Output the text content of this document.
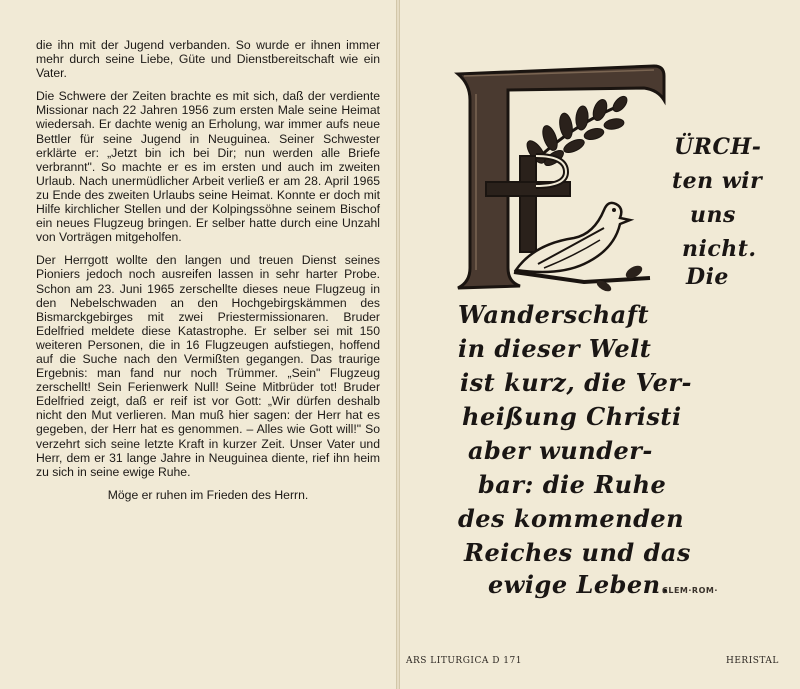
die ihn mit der Jugend verbanden. So wurde er ihnen immer mehr durch seine Liebe, Güte und Dienstbereitschaft wie ein Vater.

Die Schwere der Zeiten brachte es mit sich, daß der verdiente Missionar nach 22 Jahren 1956 zum ersten Male seine Heimat wiedersah. Er dachte wenig an Erholung, war immer aufs neue Bettler für seine Jugend in Neuguinea. Seiner Schwester erklärte er: „Jetzt bin ich bei Dir; nun werden alle Briefe verbrannt". So machte er es im ersten und auch im zweiten Urlaub. Nach unermüdlicher Arbeit verließ er am 28. April 1965 zu Ende des zweiten Urlaubs seine Heimat. Konnte er doch mit Hilfe kirchlicher Stellen und der Kolpingssöhne seinem Bischof ein neues Flugzeug bringen. Er selber hatte durch eine Unzahl von Vorträgen mitgeholfen.

Der Herrgott wollte den langen und treuen Dienst seines Pioniers jedoch noch ausreifen lassen in sehr harter Probe. Schon am 23. Juni 1965 zerschellte dieses neue Flugzeug in den Nebelschwaden an den Hochgebirgskämmen des Bismarckgebirges mit zwei Priestermissionaren. Bruder Edelfried meldete diese Katastrophe. Er selber sei mit 150 weiteren Personen, die in 16 Flugzeugen aufstiegen, hoffend auf die Suche nach den Vermißten gegangen. Das traurige Ergebnis: man fand nur noch Trümmer. „Sein" Flugzeug zerschellt! Sein Ferienwerk Null! Seine Mitbrüder tot! Bruder Edelfried zeigt, daß er reif ist vor Gott: „Wir dürfen deshalb nicht den Mut verlieren. Man muß hier sagen: der Herr hat es gegeben, der Herr hat es genommen. – Alles wie Gott will!" So verzehrt sich seine letzte Kraft in kurzer Zeit. Unser Vater und Herr, dem er 31 lange Jahre in Neuguinea diente, rief ihn heim zu sich in seine ewige Ruhe.

Möge er ruhen im Frieden des Herrn.

ÜRCH-
ten wir
uns
nicht.
Die
Wanderschaft
in dieser Welt
ist kurz, die Ver-
heißung Christi
aber wunder-
bar: die Ruhe
des kommenden
Reiches und das
ewige Leben.
CLEM·ROM·
ARS LITURGICA D 171	HERISTAL
